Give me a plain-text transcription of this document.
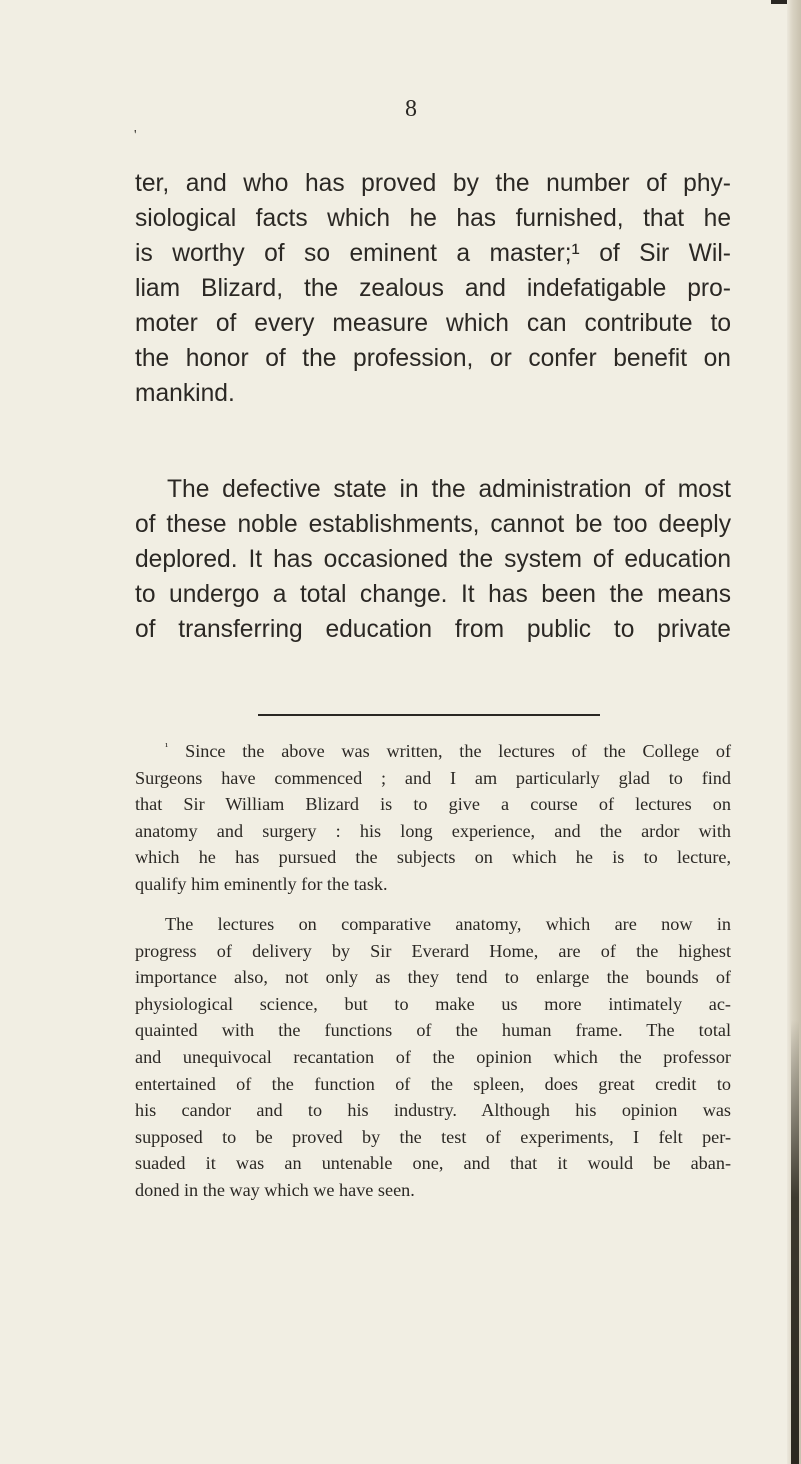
8
'
ter, and who has proved by the number of phy-
siological facts which he has furnished, that he
is worthy of so eminent a master;¹ of Sir Wil-
liam Blizard, the zealous and indefatigable pro-
moter of every measure which can contribute to
the honor of the profession, or confer benefit on
mankind.
The defective state in the administration of most
of these noble establishments, cannot be too deeply
deplored. It has occasioned the system of education
to undergo a total change. It has been the means
of transferring education from public to private
$^{^1}$ Since the above was written, the lectures of the College of
Surgeons have commenced ; and I am particularly glad to find
that Sir William Blizard is to give a course of lectures on
anatomy and surgery : his long experience, and the ardor with
which he has pursued the subjects on which he is to lecture,
qualify him eminently for the task.
The lectures on comparative anatomy, which are now in
progress of delivery by Sir Everard Home, are of the highest
importance also, not only as they tend to enlarge the bounds of
physiological science, but to make us more intimately ac-
quainted with the functions of the human frame. The total
and unequivocal recantation of the opinion which the professor
entertained of the function of the spleen, does great credit to
his candor and to his industry. Although his opinion was
supposed to be proved by the test of experiments, I felt per-
suaded it was an untenable one, and that it would be aban-
doned in the way which we have seen.
